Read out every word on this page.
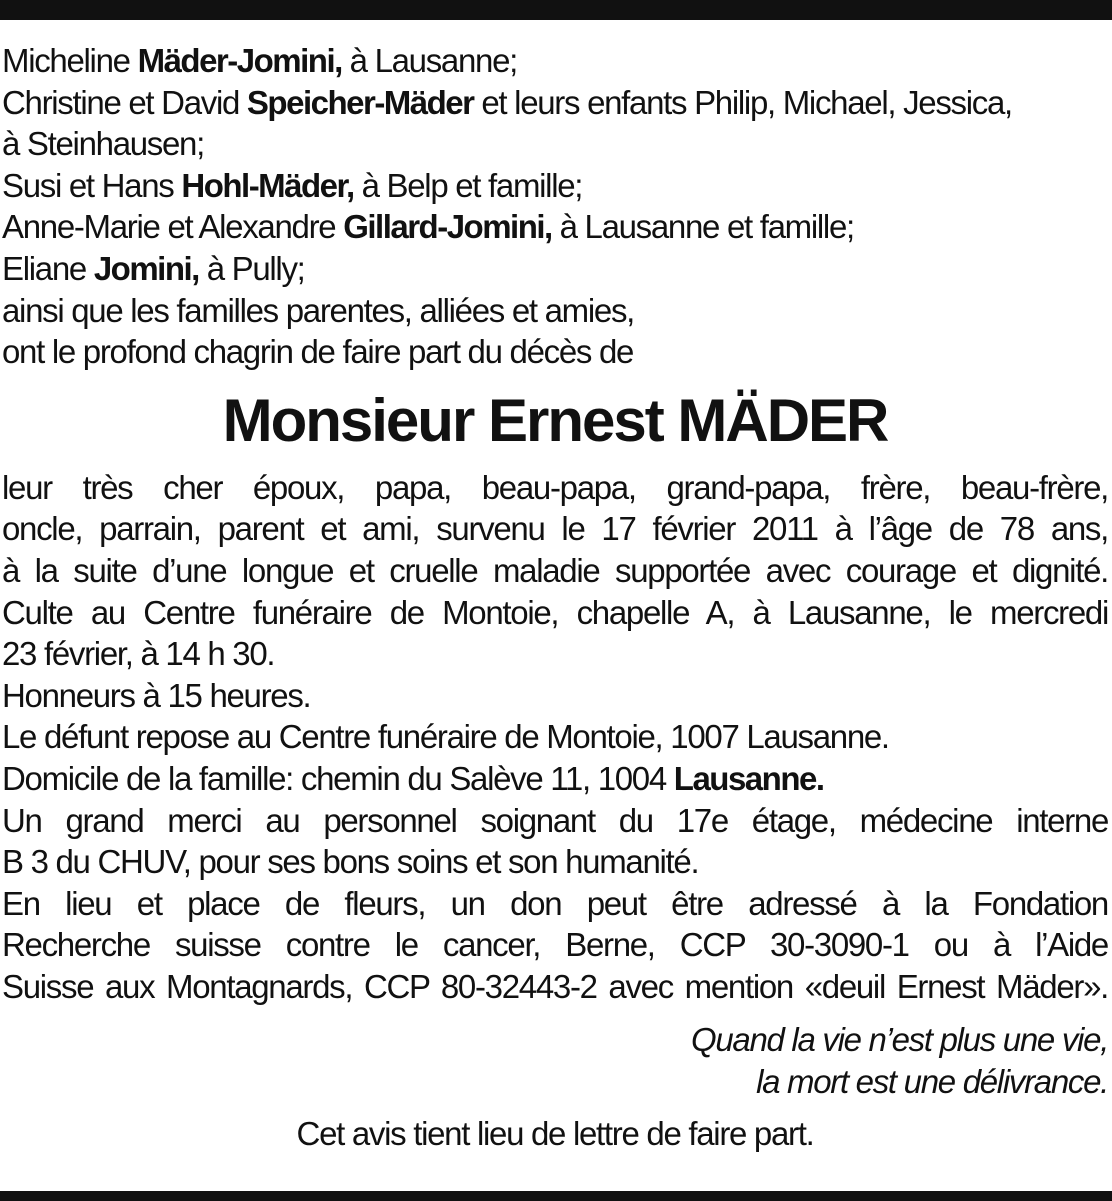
Micheline Mäder-Jomini, à Lausanne;
Christine et David Speicher-Mäder et leurs enfants Philip, Michael, Jessica,
à Steinhausen;
Susi et Hans Hohl-Mäder, à Belp et famille;
Anne-Marie et Alexandre Gillard-Jomini, à Lausanne et famille;
Eliane Jomini, à Pully;
ainsi que les familles parentes, alliées et amies,
ont le profond chagrin de faire part du décès de
Monsieur Ernest MÄDER
leur très cher époux, papa, beau-papa, grand-papa, frère, beau-frère,
oncle, parrain, parent et ami, survenu le 17 février 2011 à l’âge de 78 ans,
à la suite d’une longue et cruelle maladie supportée avec courage et dignité.
Culte au Centre funéraire de Montoie, chapelle A, à Lausanne, le mercredi
23 février, à 14 h 30.
Honneurs à 15 heures.
Le défunt repose au Centre funéraire de Montoie, 1007 Lausanne.
Domicile de la famille: chemin du Salève 11, 1004 Lausanne.
Un grand merci au personnel soignant du 17e étage, médecine interne
B 3 du CHUV, pour ses bons soins et son humanité.
En lieu et place de fleurs, un don peut être adressé à la Fondation
Recherche suisse contre le cancer, Berne, CCP 30-3090-1 ou à l’Aide
Suisse aux Montagnards, CCP 80-32443-2 avec mention «deuil Ernest Mäder».
Quand la vie n’est plus une vie,
la mort est une délivrance.
Cet avis tient lieu de lettre de faire part.
